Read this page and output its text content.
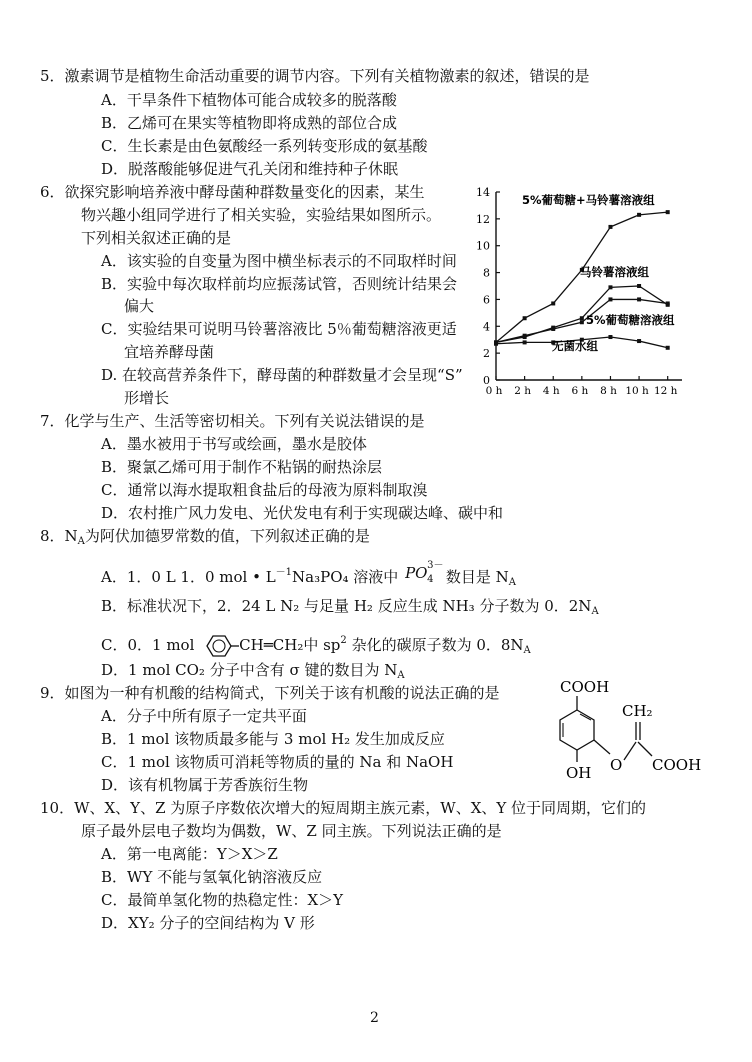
5．激素调节是植物生命活动重要的调节内容。下列有关植物激素的叙述，错误的是
A．干旱条件下植物体可能合成较多的脱落酸
B．乙烯可在果实等植物即将成熟的部位合成
C．生长素是由色氨酸经一系列转变形成的氨基酸
D．脱落酸能够促进气孔关闭和维持种子休眠
6．欲探究影响培养液中酵母菌种群数量变化的因素，某生
物兴趣小组同学进行了相关实验，实验结果如图所示。
下列相关叙述正确的是
A．该实验的自变量为图中横坐标表示的不同取样时间
B．实验中每次取样前均应振荡试管，否则统计结果会
偏大
C．实验结果可说明马铃薯溶液比 5％葡萄糖溶液更适
宜培养酵母菌
D. 在较高营养条件下，酵母菌的种群数量才会呈现“S”
形增长
0
2
4
6
8
10
12
14
0 h 2 h 4 h 6 h 8 h 10 h 12 h
5%葡萄糖+马铃薯溶液组
马铃薯溶液组
5%葡萄糖溶液组
无菌水组
7．化学与生产、生活等密切相关。下列有关说法错误的是
A．墨水被用于书写或绘画，墨水是胶体
B．聚氯乙烯可用于制作不粘锅的耐热涂层
C．通常以海水提取粗食盐后的母液为原料制取溴
D．农村推广风力发电、光伏发电有利于实现碳达峰、碳中和
8．$N_A$为阿伏加德罗常数的值，下列叙述正确的是
A．1．0 L 1．0 mol • $L^{-1}Na_3PO_4$ 溶液中 PO 3－
4 数目是 $N_A$
B．标准状况下，2．24 L N₂ 与足量 H₂ 反应生成 NH₃ 分子数为 0．$2N_A$
C．0．1 mol	CH═CH₂中 $sp^2$ 杂化的碳原子数为 0．$8N_A$
D．1 mol CO₂ 分子中含有 σ 键的数目为 $N_A$
9．如图为一种有机酸的结构简式，下列关于该有机酸的说法正确的是
A．分子中所有原子一定共平面
B．1 mol 该物质最多能与 3 mol H₂ 发生加成反应
C．1 mol 该物质可消耗等物质的量的 Na 和 NaOH
D．该有机物属于芳香族衍生物
COOH
OH O
CH₂
COOH
10．W、X、Y、Z 为原子序数依次增大的短周期主族元素，W、X、Y 位于同周期，它们的
原子最外层电子数均为偶数，W、Z 同主族。下列说法正确的是
A．第一电离能：Y＞X＞Z
B．WY 不能与氢氧化钠溶液反应
C．最简单氢化物的热稳定性：X＞Y
D．XY₂ 分子的空间结构为 V 形
2
